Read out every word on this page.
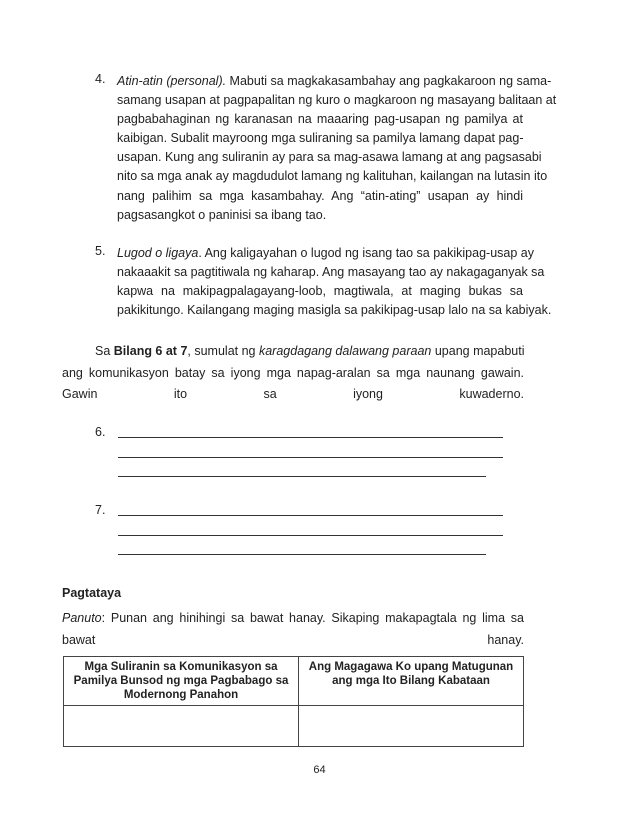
4. Atin-atin (personal). Mabuti sa magkakasambahay ang pagkakaroon ng sama-
samang usapan at pagpapalitan ng kuro o magkaroon ng masayang balitaan at
pagbabahaginan ng karanasan na maaaring pag-usapan ng pamilya at
kaibigan. Subalit mayroong mga suliraning sa pamilya lamang dapat pag-
usapan. Kung ang suliranin ay para sa mag-asawa lamang at ang pagsasabi
nito sa mga anak ay magdudulot lamang ng kalituhan, kailangan na lutasin ito
nang palihim sa mga kasambahay. Ang “atin-ating” usapan ay hindi
pagsasangkot o paninisi sa ibang tao.
5. Lugod o ligaya. Ang kaligayahan o lugod ng isang tao sa pakikipag-usap ay
nakaaakit sa pagtitiwala ng kaharap. Ang masayang tao ay nakagaganyak sa
kapwa na makipagpalagayang-loob, magtiwala, at maging bukas sa
pakikitungo. Kailangang maging masigla sa pakikipag-usap lalo na sa kabiyak.
Sa Bilang 6 at 7, sumulat ng karagdagang dalawang paraan upang mapabuti
ang komunikasyon batay sa iyong mga napag-aralan sa mga naunang gawain.
Gawin ito sa iyong kuwaderno.
6.
7.
Pagtataya
Panuto: Punan ang hinihingi sa bawat hanay. Sikaping makapagtala ng lima sa
bawat hanay.
Mga Suliranin sa Komunikasyon sa Pamilya Bunsod ng mga Pagbabago sa Modernong Panahon	Ang Magagawa Ko upang Matugunan ang mga Ito Bilang Kabataan

64
